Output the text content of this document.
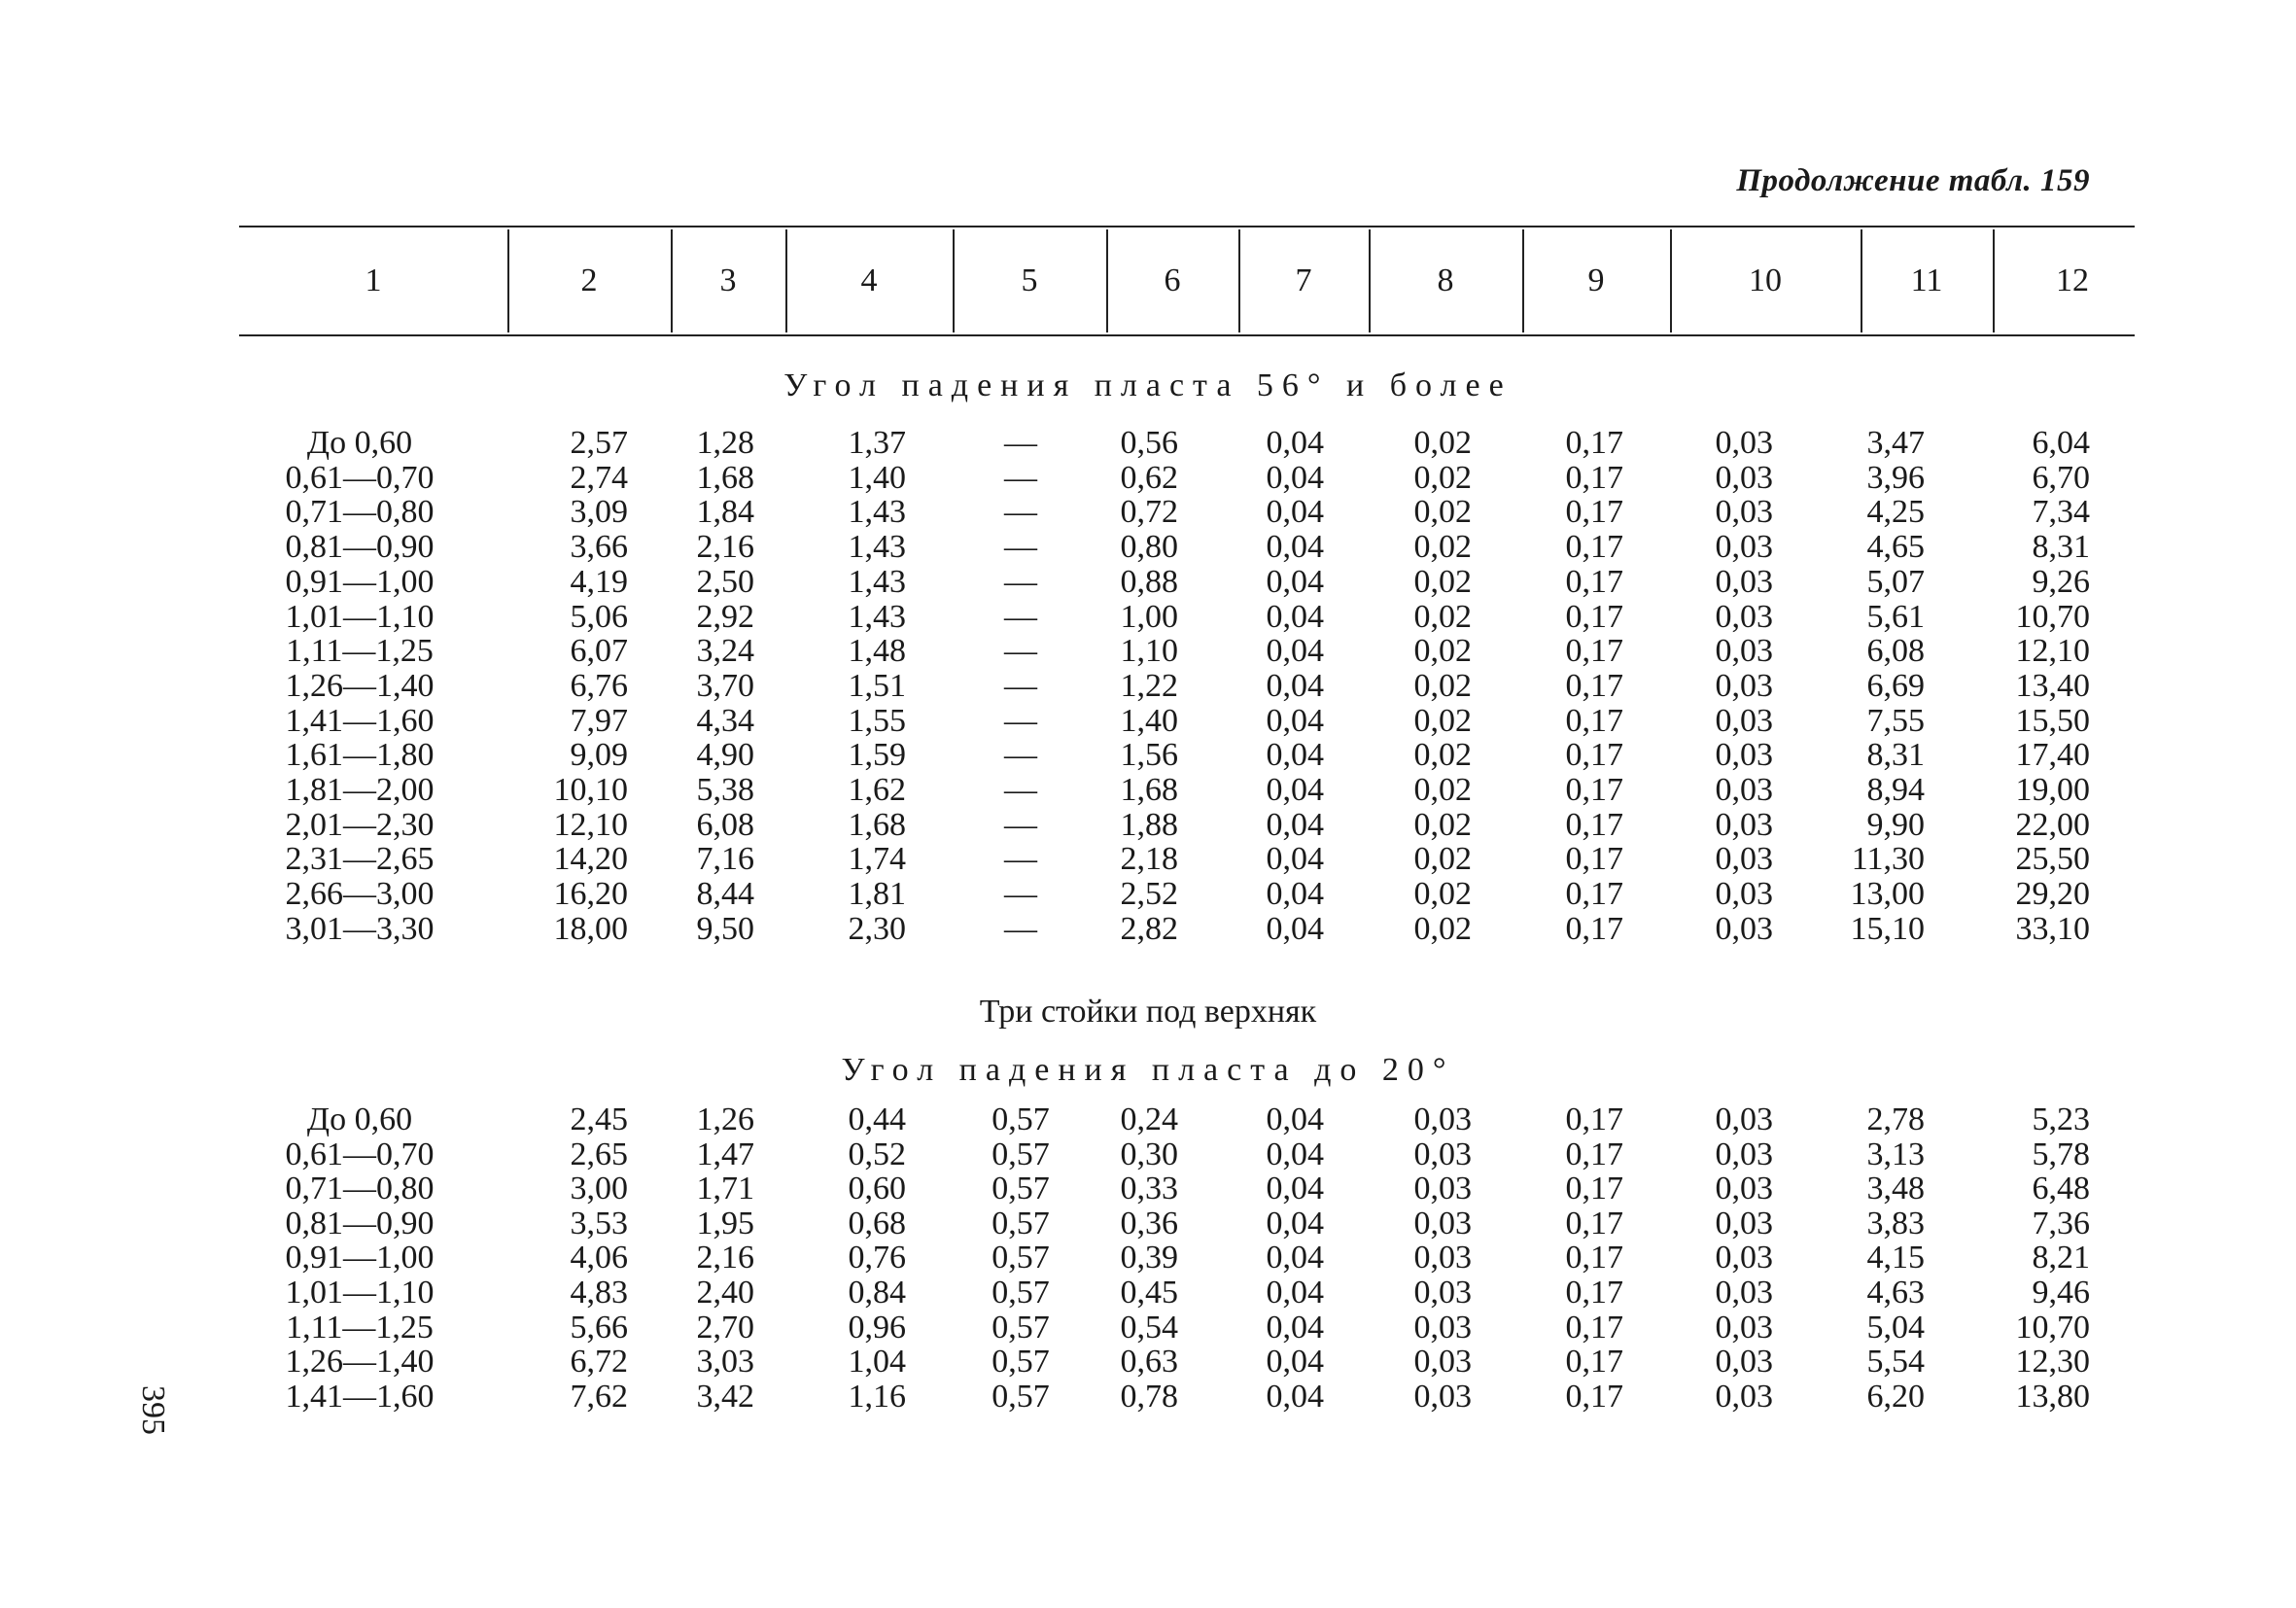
Продолжение табл. 159
1	2	3	4	5	6	7	8	9	10	11	12
Угол падения пласта 56° и более
До 0,60	2,57 1,28	1,37	—	0,56	0,04	0,02	0,17	0,03	3,47	6,04
0,61—0,70	2,74 1,68	1,40	—	0,62	0,04	0,02	0,17	0,03	3,96	6,70
0,71—0,80	3,09 1,84	1,43	—	0,72	0,04	0,02	0,17	0,03	4,25	7,34
0,81—0,90	3,66 2,16	1,43	—	0,80	0,04	0,02	0,17	0,03	4,65	8,31
0,91—1,00	4,19 2,50	1,43	—	0,88	0,04	0,02	0,17	0,03	5,07	9,26
1,01—1,10	5,06 2,92	1,43	—	1,00	0,04	0,02	0,17	0,03	5,61	10,70
1,11—1,25	6,07 3,24	1,48	—	1,10	0,04	0,02	0,17	0,03	6,08	12,10
1,26—1,40	6,76 3,70	1,51	—	1,22	0,04	0,02	0,17	0,03	6,69	13,40
1,41—1,60	7,97 4,34	1,55	—	1,40	0,04	0,02	0,17	0,03	7,55	15,50
1,61—1,80	9,09 4,90	1,59	—	1,56	0,04	0,02	0,17	0,03	8,31	17,40
1,81—2,00	10,10 5,38	1,62	—	1,68	0,04	0,02	0,17	0,03	8,94	19,00
2,01—2,30	12,10 6,08	1,68	—	1,88	0,04	0,02	0,17	0,03	9,90	22,00
2,31—2,65	14,20 7,16	1,74	—	2,18	0,04	0,02	0,17	0,03 11,30	25,50
2,66—3,00	16,20 8,44	1,81	—	2,52	0,04	0,02	0,17	0,03 13,00	29,20
3,01—3,30	18,00 9,50	2,30	—	2,82	0,04	0,02	0,17	0,03 15,10	33,10
Три стойки под верхняк
Угол падения пласта до 20°
До 0,60	2,45 1,26	0,44	0,57	0,24	0,04	0,03	0,17	0,03	2,78	5,23
0,61—0,70	2,65 1,47	0,52	0,57	0,30	0,04	0,03	0,17	0,03	3,13	5,78
0,71—0,80	3,00 1,71	0,60	0,57	0,33	0,04	0,03	0,17	0,03	3,48	6,48
0,81—0,90	3,53 1,95	0,68	0,57	0,36	0,04	0,03	0,17	0,03	3,83	7,36
0,91—1,00	4,06 2,16	0,76	0,57	0,39	0,04	0,03	0,17	0,03	4,15	8,21
1,01—1,10	4,83 2,40	0,84	0,57	0,45	0,04	0,03	0,17	0,03	4,63	9,46
1,11—1,25	5,66 2,70	0,96	0,57	0,54	0,04	0,03	0,17	0,03	5,04	10,70
1,26—1,40	6,72 3,03	1,04	0,57	0,63	0,04	0,03	0,17	0,03	5,54	12,30
1,41—1,60	7,62 3,42	1,16	0,57	0,78	0,04	0,03	0,17	0,03	6,20	13,80
395
